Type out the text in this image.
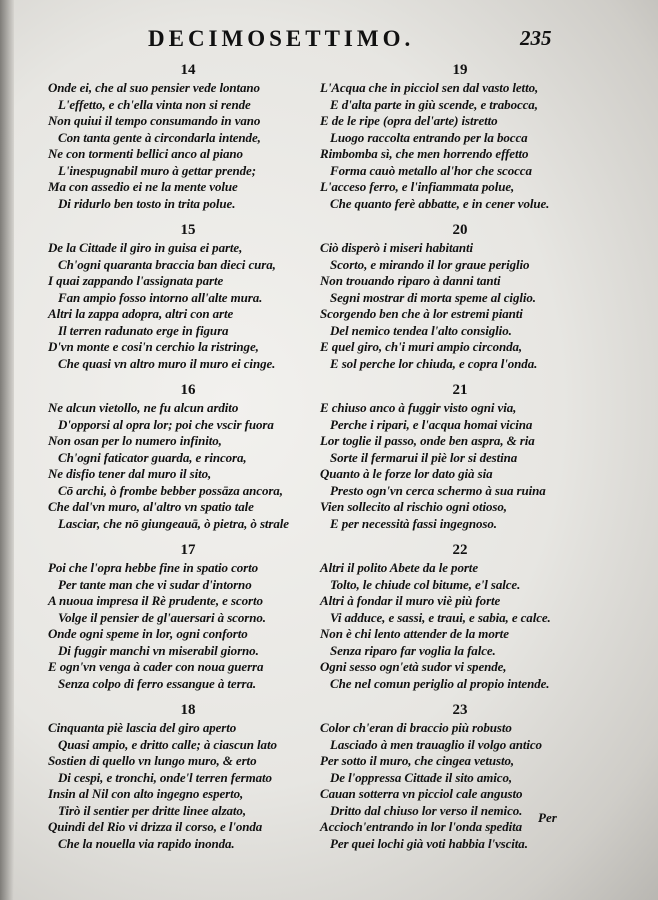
DECIMOSETTIMO.	235
14
Onde ei, che al suo pensier vede lontano
L'effetto, e ch'ella vinta non si rende
Non quiui il tempo consumando in vano
Con tanta gente à circondarla intende,
Ne con tormenti bellici anco al piano
L'inespugnabil muro à gettar prende;
Ma con assedio ei ne la mente volue
Di ridurlo ben tosto in trita polue.
15
De la Cittade il giro in guisa ei parte,
Ch'ogni quaranta braccia ban dieci cura,
I quai zappando l'assignata parte
Fan ampio fosso intorno all'alte mura.
Altri la zappa adopra, altri con arte
Il terren radunato erge in figura
D'vn monte e cosi'n cerchio la ristringe,
Che quasi vn altro muro il muro ei cinge.
16
Ne alcun vietollo, ne fu alcun ardito
D'opporsi al opra lor; poi che vscir fuora
Non osan per lo numero infinito,
Ch'ogni faticator guarda, e rincora,
Ne disfio tener dal muro il sito,
Cō archi, ò frombe bebber possāza ancora,
Che dal'vn muro, al'altro vn spatio tale
Lasciar, che nō giungeauā, ò pietra, ò strale
17
Poi che l'opra hebbe fine in spatio corto
Per tante man che vi sudar d'intorno
A nuoua impresa il Rè prudente, e scorto
Volge il pensier de gl'auersari à scorno.
Onde ogni speme in lor, ogni conforto
Di fuggir manchi vn miserabil giorno.
E ogn'vn venga à cader con noua guerra
Senza colpo di ferro essangue à terra.
18
Cinquanta piè lascia del giro aperto
Quasi ampio, e dritto calle; à ciascun lato
Sostien di quello vn lungo muro, & erto
Di cespi, e tronchi, onde'l terren fermato
Insin al Nil con alto ingegno esperto,
Tirò il sentier per dritte linee alzato,
Quindi del Rio vi drizza il corso, e l'onda
Che la nouella via rapido inonda.
19
L'Acqua che in picciol sen dal vasto letto,
E d'alta parte in giù scende, e trabocca,
E de le ripe (opra del'arte) istretto
Luogo raccolta entrando per la bocca
Rimbomba sì, che men horrendo effetto
Forma cauò metallo al'hor che scocca
L'acceso ferro, e l'infiammata polue,
Che quanto ferè abbatte, e in cener volue.
20
Ciò disperò i miseri habitanti
Scorto, e mirando il lor graue periglio
Non trouando riparo à danni tanti
Segni mostrar di morta speme al ciglio.
Scorgendo ben che à lor estremi pianti
Del nemico tendea l'alto consiglio.
E quel giro, ch'i muri ampio circonda,
E sol perche lor chiuda, e copra l'onda.
21
E chiuso anco à fuggir visto ogni via,
Perche i ripari, e l'acqua homai vicina
Lor toglie il passo, onde ben aspra, & ria
Sorte il fermarui il piè lor si destina
Quanto à le forze lor dato già sia
Presto ogn'vn cerca schermo à sua ruina
Vien sollecito al rischio ogni otioso,
E per necessità fassi ingegnoso.
22
Altri il polito Abete da le porte
Tolto, le chiude col bitume, e'l salce.
Altri à fondar il muro viè più forte
Vi adduce, e sassi, e traui, e sabia, e calce.
Non è chi lento attender de la morte
Senza riparo far voglia la falce.
Ogni sesso ogn'età sudor vi spende,
Che nel comun periglio al propio intende.
23
Color ch'eran di braccio più robusto
Lasciado à men trauaglio il volgo antico
Per sotto il muro, che cingea vetusto,
De l'oppressa Cittade il sito amico,
Cauan sotterra vn picciol cale angusto
Dritto dal chiuso lor verso il nemico.
Accioch'entrando in lor l'onda spedita
Per quei lochi già voti habbia l'vscita.
Per
